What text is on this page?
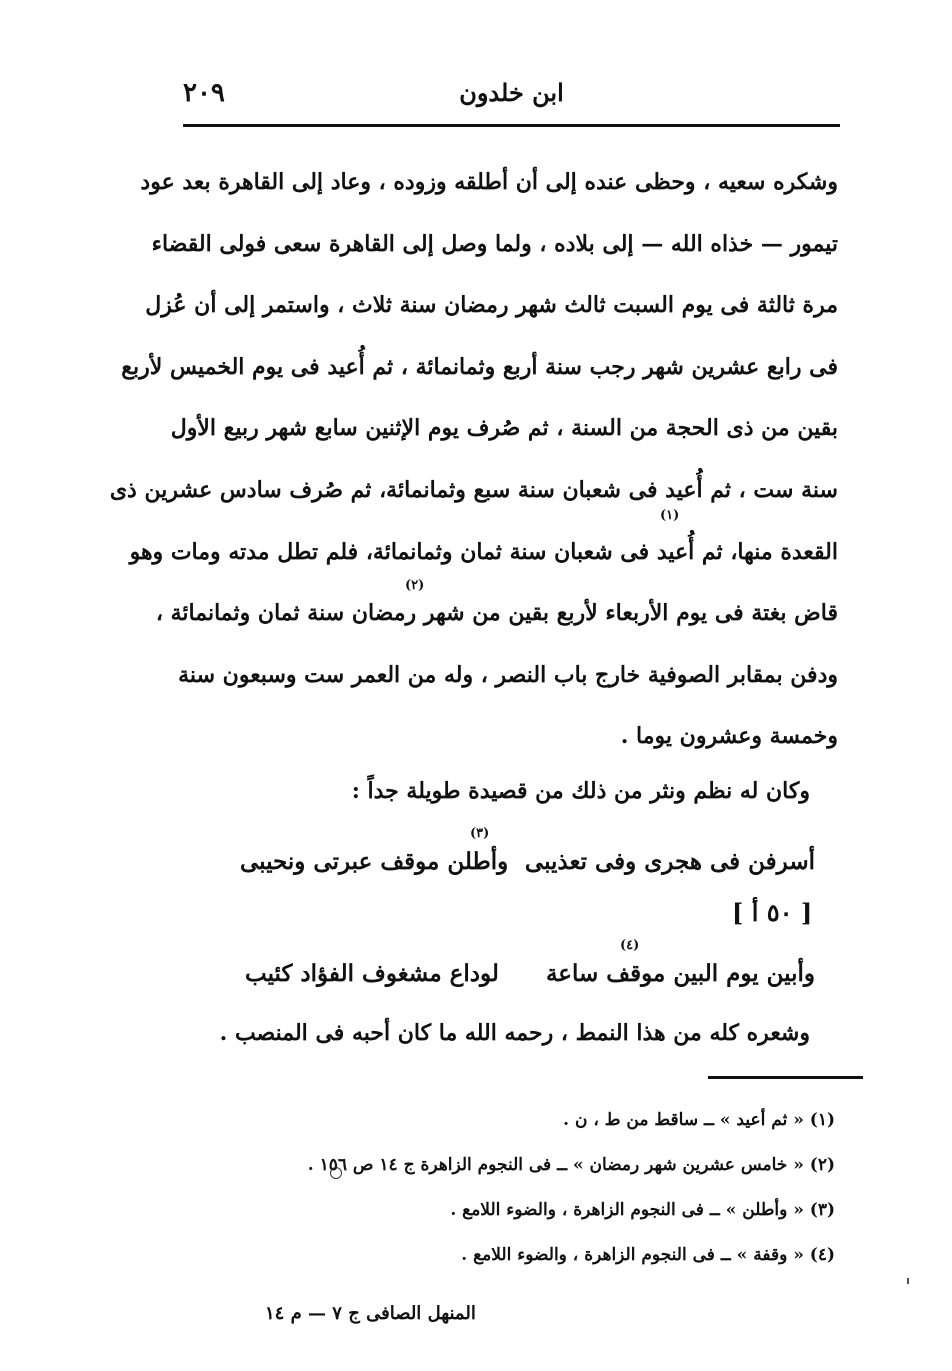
ابن خلدون
٢٠٩
وشكره سعيه ، وحظى عنده إلى أن أطلقه وزوده ، وعاد إلى القاهرة بعد عود
تيمور — خذاه الله — إلى بلاده ، ولما وصل إلى القاهرة سعى فولى القضاء
مرة ثالثة فى يوم السبت ثالث شهر رمضان سنة ثلاث ، واستمر إلى أن عُزل
فى رابع عشرين شهر رجب سنة أربع وثمانمائة ، ثم أُعيد فى يوم الخميس لأربع
بقين من ذى الحجة من السنة ، ثم صُرف يوم الإثنين سابع شهر ربيع الأول
سنة ست ، ثم أُعيد فى شعبان سنة سبع وثمانمائة، ثم صُرف سادس عشرين ذى
القعدة منها، ثم أُعيد فى شعبان سنة ثمان وثمانمائة، فلم تطل مدته ومات وهو
قاض بغتة فى يوم الأربعاء لأربع بقين من شهر رمضان سنة ثمان وثمانمائة ،
ودفن بمقابر الصوفية خارج باب النصر ، وله من العمر ست وسبعون سنة
وخمسة وعشرون يوما .
(١)
(٢)
وكان له نظم ونثر من ذلك من قصيدة طويلة جداً :
(٣)
أسرفن فى هجرى وفى تعذيبى
وأطلن موقف عبرتى ونحيبى
[ ٥٠ أ ]
(٤)
وأبين يوم البين موقف ساعة
لوداع مشغوف الفؤاد كئيب
وشعره كله من هذا النمط ، رحمه الله ما كان أحبه فى المنصب .
(١) « ثم أعيد » ــ ساقط من ط ، ن .
(٢) « خامس عشرين شهر رمضان » ــ فى النجوم الزاهرة ج ١٤ ص ١٥٦ .
(٣) « وأطلن » ــ فى النجوم الزاهرة ، والضوء اللامع .
(٤) « وقفة » ــ فى النجوم الزاهرة ، والضوء اللامع .
المنهل الصافى ج ٧ — م ١٤
